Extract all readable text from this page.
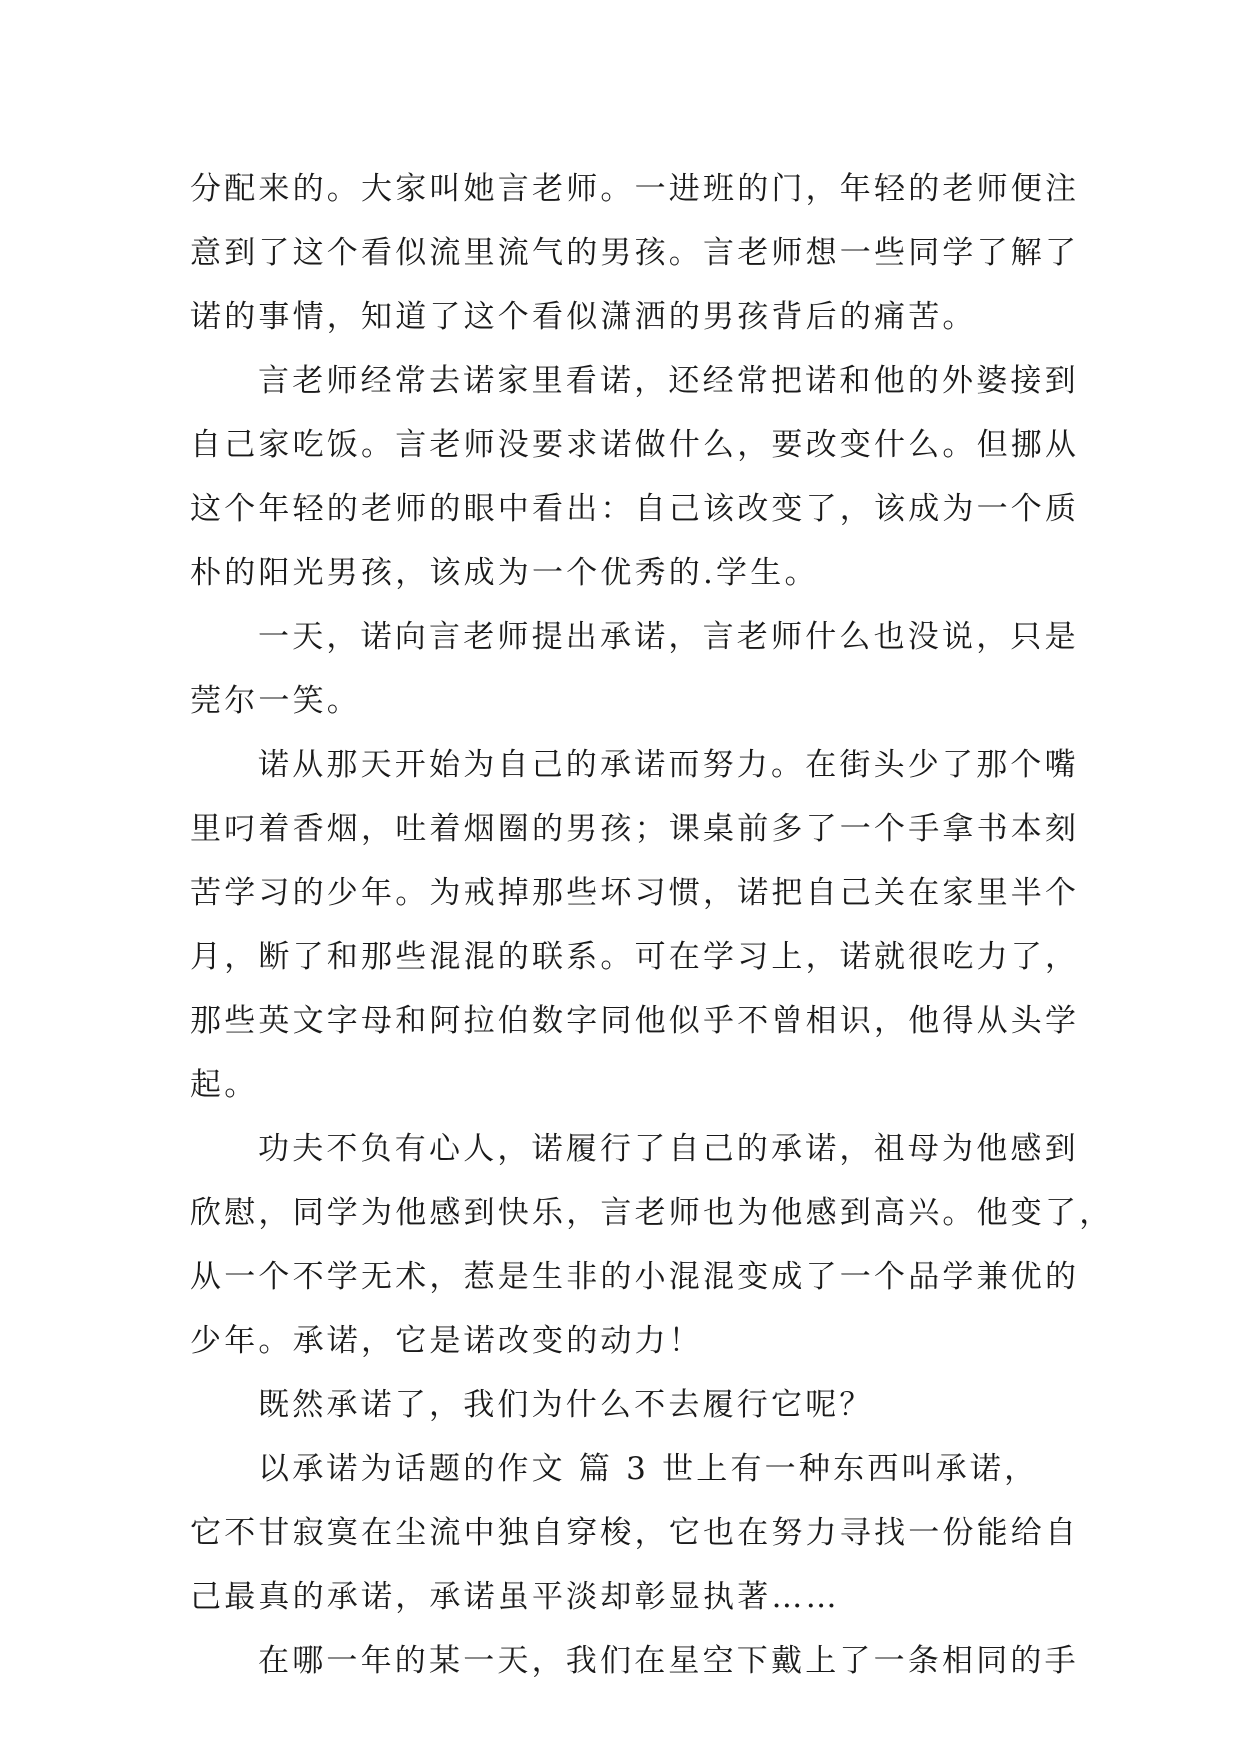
分配来的。大家叫她言老师。一进班的门，年轻的老师便注
意到了这个看似流里流气的男孩。言老师想一些同学了解了
诺的事情，知道了这个看似潇洒的男孩背后的痛苦。
言老师经常去诺家里看诺，还经常把诺和他的外婆接到
自己家吃饭。言老师没要求诺做什么，要改变什么。但挪从
这个年轻的老师的眼中看出：自己该改变了，该成为一个质
朴的阳光男孩，该成为一个优秀的.学生。
一天，诺向言老师提出承诺，言老师什么也没说，只是
莞尔一笑。
诺从那天开始为自己的承诺而努力。在街头少了那个嘴
里叼着香烟，吐着烟圈的男孩；课桌前多了一个手拿书本刻
苦学习的少年。为戒掉那些坏习惯，诺把自己关在家里半个
月，断了和那些混混的联系。可在学习上，诺就很吃力了，
那些英文字母和阿拉伯数字同他似乎不曾相识，他得从头学
起。
功夫不负有心人，诺履行了自己的承诺，祖母为他感到
欣慰，同学为他感到快乐，言老师也为他感到高兴。他变了，
从一个不学无术，惹是生非的小混混变成了一个品学兼优的
少年。承诺，它是诺改变的动力！
既然承诺了，我们为什么不去履行它呢？
以承诺为话题的作文 篇 3 世上有一种东西叫承诺，
它不甘寂寞在尘流中独自穿梭，它也在努力寻找一份能给自
己最真的承诺，承诺虽平淡却彰显执著……
在哪一年的某一天，我们在星空下戴上了一条相同的手
